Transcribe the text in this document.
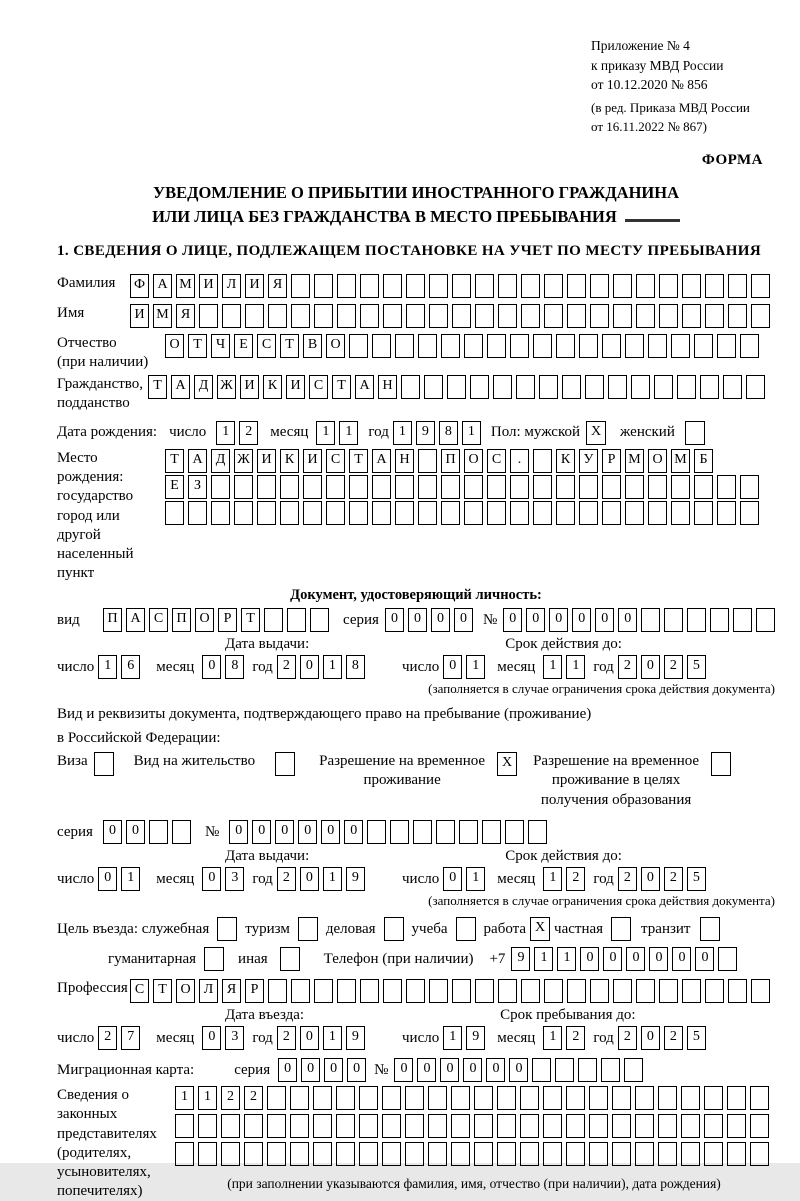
Приложение № 4
к приказу МВД России
от 10.12.2020 № 856
(в ред. Приказа МВД России
от 16.11.2022 № 867)
ФОРМА
УВЕДОМЛЕНИЕ О ПРИБЫТИИ ИНОСТРАННОГО ГРАЖДАНИНА
ИЛИ ЛИЦА БЕЗ ГРАЖДАНСТВА В МЕСТО ПРЕБЫВАНИЯ
1. СВЕДЕНИЯ О ЛИЦЕ, ПОДЛЕЖАЩЕМ ПОСТАНОВКЕ НА УЧЕТ ПО МЕСТУ ПРЕБЫВАНИЯ
Фамилия	Ф А М И Л И Я
Имя	И М Я
Отчество
(при наличии)
О Т	Ч	Е	С	Т	В О
Гражданство,
подданство
Т А Д Ж И К И С	Т А Н
Дата рождения: число	1	2	месяц	1	1	год 1	9	8	1	Пол: мужской X	женский
Место рождения:
государство
город или другой
населенный пункт
Т А Д Ж И К И С	Т А Н	П О С	.	К У	Р М О М Б
Е	З
Документ, удостоверяющий личность:
вид	П А С П О	Р	Т	серия 0	0	0	0	№ 0	0	0	0	0	0
Дата выдачи:	Срок действия до:
число 1	6	месяц	0	8 год 2	0	1	8	число 0	1	месяц	1	1 год 2	0	2	5
(заполняется в случае ограничения срока действия документа)
Вид и реквизиты документа, подтверждающего право на пребывание (проживание)
в Российской Федерации:
Виза	Вид на жительство	Разрешение на временное
проживание
X	Разрешение на временное
проживание в целях
получения образования
серия	0	0	№	0	0	0	0	0	0
Дата выдачи:	Срок действия до:
число 0	1	месяц	0	3 год 2	0	1	9	число 0	1	месяц	1	2 год 2	0	2	5
(заполняется в случае ограничения срока действия документа)
Цель въезда: служебная туризм деловая учеба работа X частная	транзит
гуманитарная	иная	Телефон (при наличии) +7 9	1	1	0	0	0	0	0	0
Профессия С	Т О Л Я	Р
Дата въезда:	Срок пребывания до:
число 2	7	месяц	0	3 год 2	0	1	9	число 1	9	месяц	1	2 год 2	0	2	5
Миграционная карта:	серия	0	0	0	0 № 0	0	0	0	0	0
Сведения о
законных
представителях
(родителях,
усыновителях,
попечителях)
1	1	2	2
(при заполнении указываются фамилия, имя, отчество (при наличии), дата рождения)
